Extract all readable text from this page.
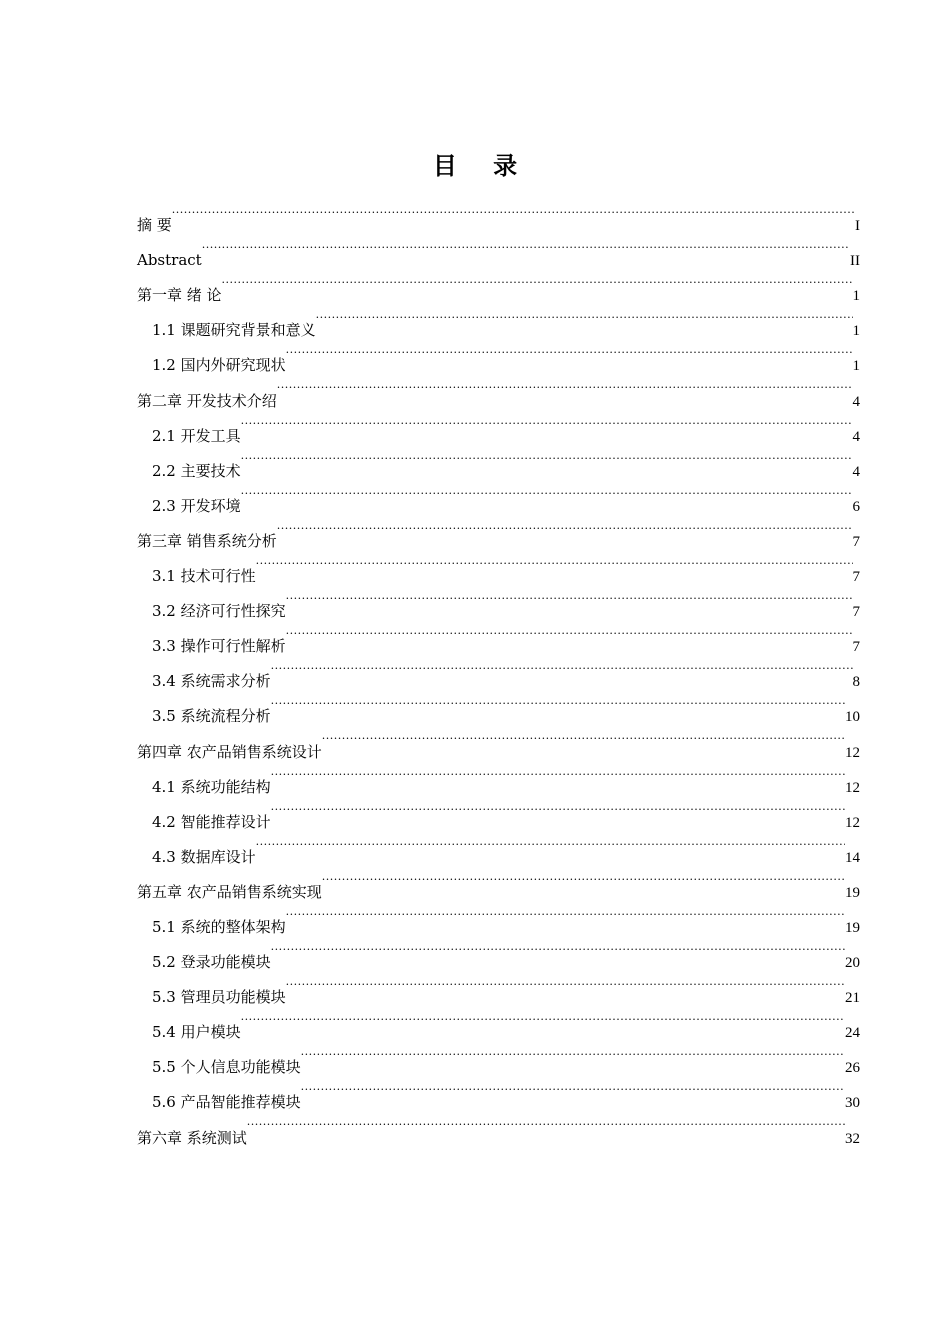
目 录
摘 要 .....	I
Abstract .....	II
第一章 绪 论 .....	1
1.1 课题研究背景和意义 .....	1
1.2 国内外研究现状 .....	1
第二章 开发技术介绍 .....	4
2.1 开发工具 .....	4
2.2 主要技术 .....	4
2.3 开发环境 .....	6
第三章 销售系统分析 .....	7
3.1 技术可行性 .....	7
3.2 经济可行性探究 .....	7
3.3 操作可行性解析 .....	7
3.4 系统需求分析 .....	8
3.5 系统流程分析 .....	10
第四章 农产品销售系统设计 .....	12
4.1 系统功能结构 .....	12
4.2 智能推荐设计 .....	12
4.3 数据库设计 .....	14
第五章 农产品销售系统实现 .....	19
5.1 系统的整体架构 .....	19
5.2 登录功能模块 .....	20
5.3 管理员功能模块 .....	21
5.4 用户模块 .....	24
5.5 个人信息功能模块 .....	26
5.6 产品智能推荐模块 .....	30
第六章 系统测试 .....	32
